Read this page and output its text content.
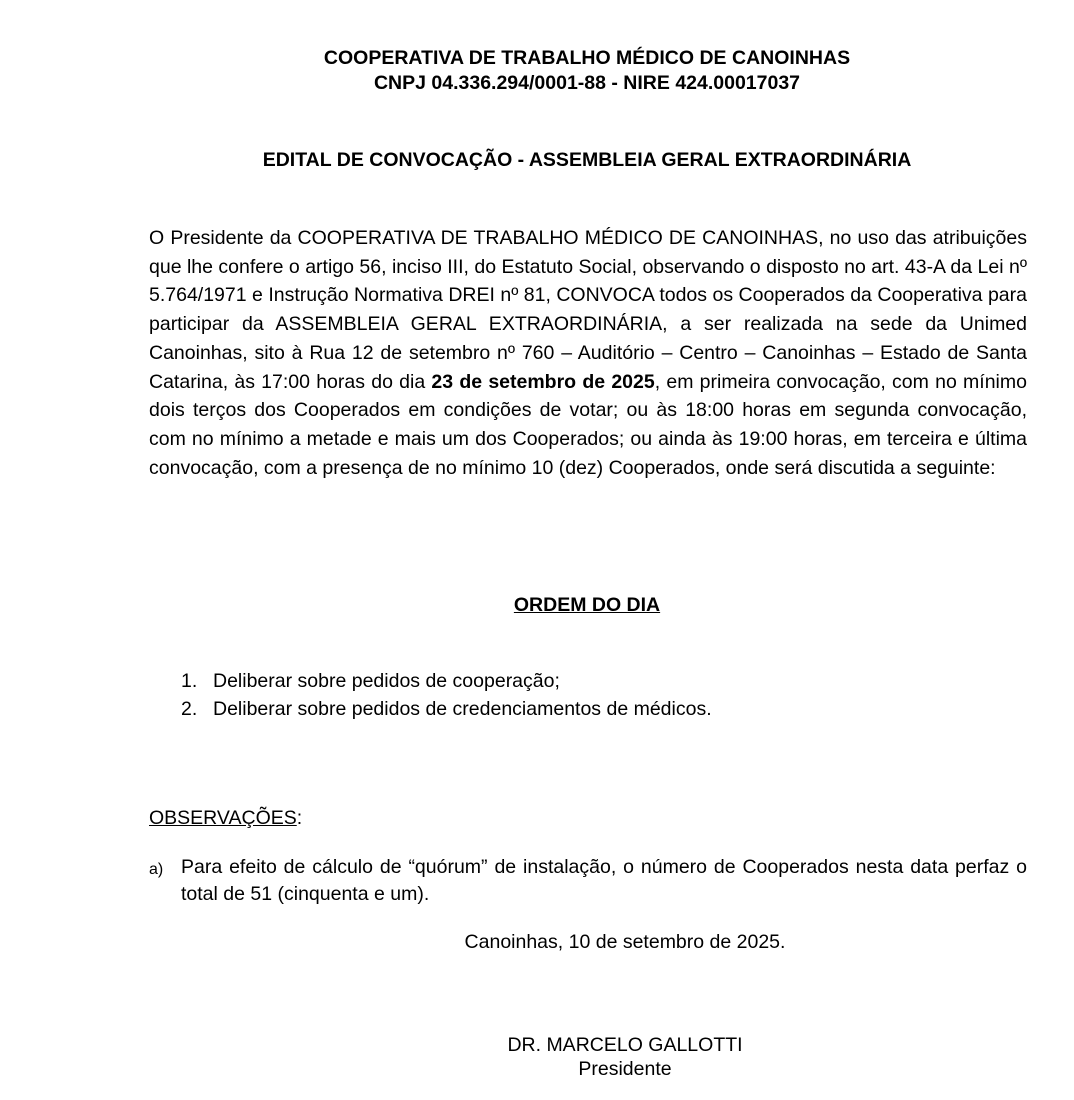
COOPERATIVA DE TRABALHO MÉDICO DE CANOINHAS
CNPJ 04.336.294/0001-88 - NIRE 424.00017037
EDITAL DE CONVOCAÇÃO - ASSEMBLEIA GERAL EXTRAORDINÁRIA
O Presidente da COOPERATIVA DE TRABALHO MÉDICO DE CANOINHAS, no uso das atribuições que lhe confere o artigo 56, inciso III, do Estatuto Social, observando o disposto no art. 43-A da Lei nº 5.764/1971 e Instrução Normativa DREI nº 81, CONVOCA todos os Cooperados da Cooperativa para participar da ASSEMBLEIA GERAL EXTRAORDINÁRIA, a ser realizada na sede da Unimed Canoinhas, sito à Rua 12 de setembro nº 760 – Auditório – Centro – Canoinhas – Estado de Santa Catarina, às 17:00 horas do dia 23 de setembro de 2025, em primeira convocação, com no mínimo dois terços dos Cooperados em condições de votar; ou às 18:00 horas em segunda convocação, com no mínimo a metade e mais um dos Cooperados; ou ainda às 19:00 horas, em terceira e última convocação, com a presença de no mínimo 10 (dez) Cooperados, onde será discutida a seguinte:
ORDEM DO DIA
1. Deliberar sobre pedidos de cooperação;
2. Deliberar sobre pedidos de credenciamentos de médicos.
OBSERVAÇÕES:
a) Para efeito de cálculo de “quórum” de instalação, o número de Cooperados nesta data perfaz o total de 51 (cinquenta e um).
Canoinhas, 10 de setembro de 2025.
DR. MARCELO GALLOTTI
Presidente
